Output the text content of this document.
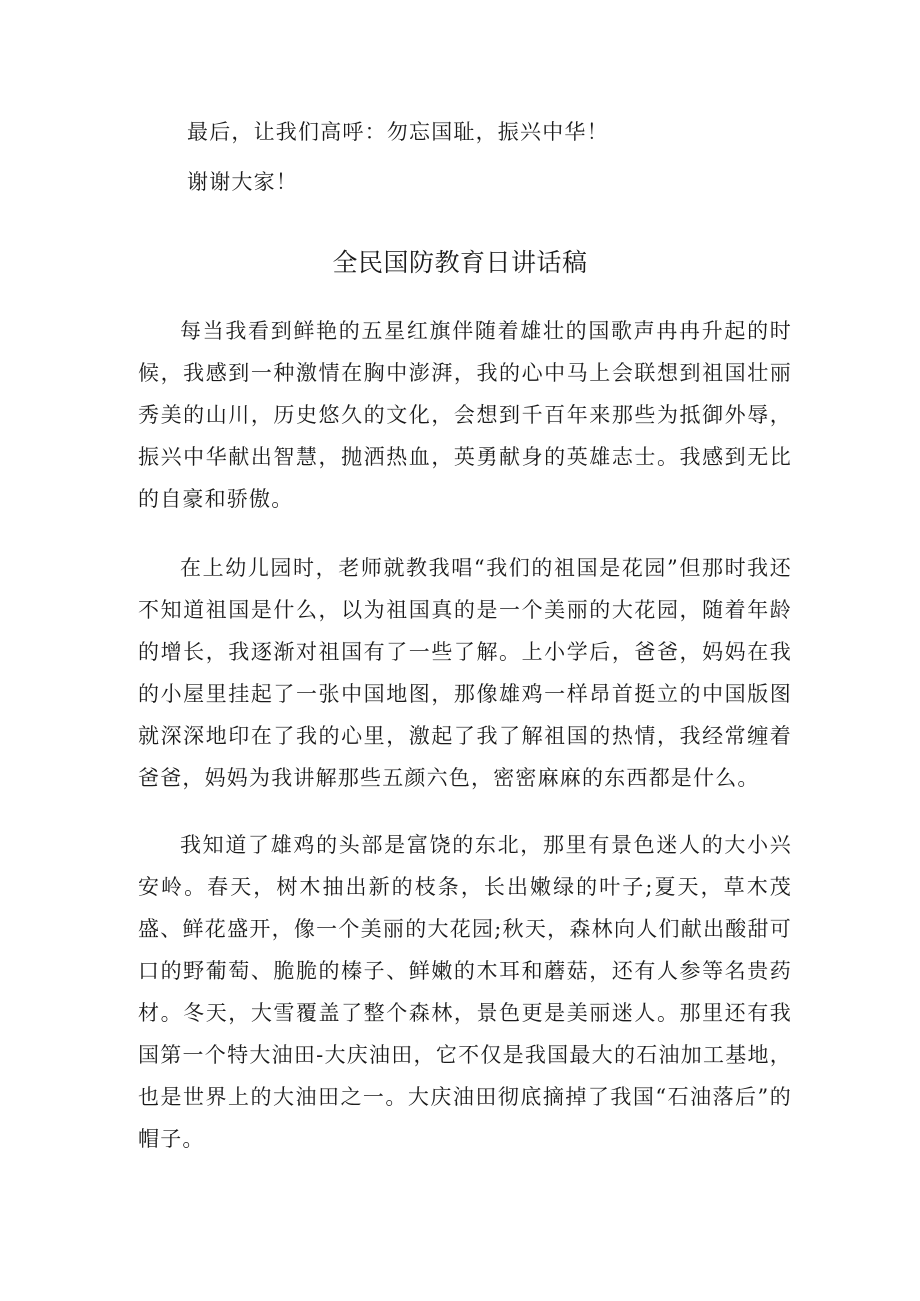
最后，让我们高呼：勿忘国耻，振兴中华！
谢谢大家！
全民国防教育日讲话稿

每当我看到鲜艳的五星红旗伴随着雄壮的国歌声冉冉升起的时候，我感到一种激情在胸中澎湃，我的心中马上会联想到祖国壮丽秀美的山川，历史悠久的文化，会想到千百年来那些为抵御外辱，振兴中华献出智慧，抛洒热血，英勇献身的英雄志士。我感到无比的自豪和骄傲。

在上幼儿园时，老师就教我唱“我们的祖国是花园”但那时我还不知道祖国是什么，以为祖国真的是一个美丽的大花园，随着年龄的增长，我逐渐对祖国有了一些了解。上小学后，爸爸，妈妈在我的小屋里挂起了一张中国地图，那像雄鸡一样昂首挺立的中国版图就深深地印在了我的心里，激起了我了解祖国的热情，我经常缠着爸爸，妈妈为我讲解那些五颜六色，密密麻麻的东西都是什么。

我知道了雄鸡的头部是富饶的东北，那里有景色迷人的大小兴安岭。春天，树木抽出新的枝条，长出嫩绿的叶子;夏天，草木茂盛、鲜花盛开，像一个美丽的大花园;秋天，森林向人们献出酸甜可口的野葡萄、脆脆的榛子、鲜嫩的木耳和蘑菇，还有人参等名贵药材。冬天，大雪覆盖了整个森林，景色更是美丽迷人。那里还有我国第一个特大油田-大庆油田，它不仅是我国最大的石油加工基地，也是世界上的大油田之一。大庆油田彻底摘掉了我国“石油落后”的帽子。
